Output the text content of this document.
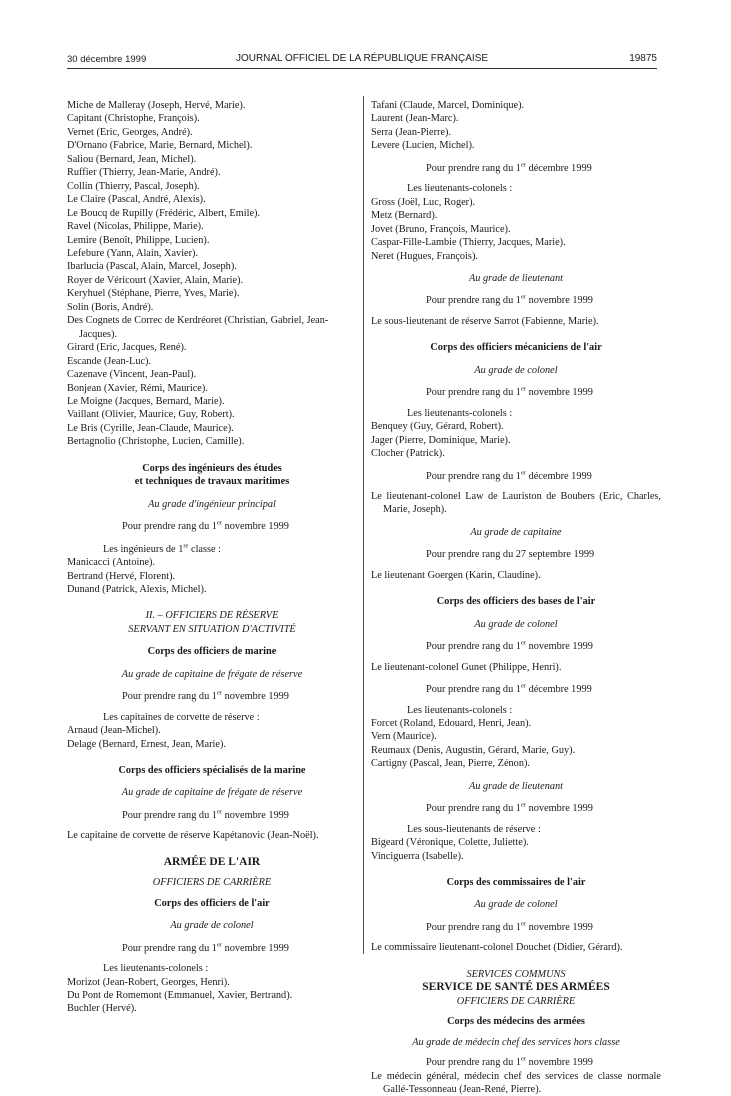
30 décembre 1999	JOURNAL OFFICIEL DE LA RÉPUBLIQUE FRANÇAISE	19875

Miche de Malleray (Joseph, Hervé, Marie).

Capitant (Christophe, François).

Vernet (Eric, Georges, André).

D'Ornano (Fabrice, Marie, Bernard, Michel).

Saliou (Bernard, Jean, Michel).

Ruffier (Thierry, Jean-Marie, André).

Collin (Thierry, Pascal, Joseph).

Le Claire (Pascal, André, Alexis).

Le Boucq de Rupilly (Frédéric, Albert, Emile).

Ravel (Nicolas, Philippe, Marie).

Lemire (Benoît, Philippe, Lucien).

Lefebure (Yann, Alain, Xavier).

Ibarlucia (Pascal, Alain, Marcel, Joseph).

Royer de Véricourt (Xavier, Alain, Marie).

Keryhuel (Stéphane, Pierre, Yves, Marie).

Solin (Boris, André).

Des Cognets de Correc de Kerdréoret (Christian, Gabriel, Jean-Jacques).

Girard (Eric, Jacques, René).

Escande (Jean-Luc).

Cazenave (Vincent, Jean-Paul).

Bonjean (Xavier, Rémi, Maurice).

Le Moigne (Jacques, Bernard, Marie).

Vaillant (Olivier, Maurice, Guy, Robert).

Le Bris (Cyrille, Jean-Claude, Maurice).

Bertagnolio (Christophe, Lucien, Camille).

Corps des ingénieurs des études

et techniques de travaux maritimes

Au grade d'ingénieur principal

Pour prendre rang du 1er novembre 1999

Les ingénieurs de 1re classe :

Manicacci (Antoine).

Bertrand (Hervé, Florent).

Dunand (Patrick, Alexis, Michel).

II. – OFFICIERS DE RÉSERVE

SERVANT EN SITUATION D'ACTIVITÉ

Corps des officiers de marine

Au grade de capitaine de frégate de réserve

Pour prendre rang du 1er novembre 1999

Les capitaines de corvette de réserve :

Arnaud (Jean-Michel).

Delage (Bernard, Ernest, Jean, Marie).

Corps des officiers spécialisés de la marine

Au grade de capitaine de frégate de réserve

Pour prendre rang du 1er novembre 1999

Le capitaine de corvette de réserve Kapétanovic (Jean-Noël).

ARMÉE DE L'AIR

OFFICIERS DE CARRIÈRE

Corps des officiers de l'air

Au grade de colonel

Pour prendre rang du 1er novembre 1999

Les lieutenants-colonels :

Morizot (Jean-Robert, Georges, Henri).

Du Pont de Romemont (Emmanuel, Xavier, Bertrand).

Buchler (Hervé).

Tafani (Claude, Marcel, Dominique).

Laurent (Jean-Marc).

Serra (Jean-Pierre).

Levere (Lucien, Michel).

Pour prendre rang du 1er décembre 1999

Les lieutenants-colonels :

Gross (Joël, Luc, Roger).

Metz (Bernard).

Jovet (Bruno, François, Maurice).

Caspar-Fille-Lambie (Thierry, Jacques, Marie).

Neret (Hugues, François).

Au grade de lieutenant

Pour prendre rang du 1er novembre 1999

Le sous-lieutenant de réserve Sarrot (Fabienne, Marie).

Corps des officiers mécaniciens de l'air

Au grade de colonel

Pour prendre rang du 1er novembre 1999

Les lieutenants-colonels :

Benquey (Guy, Gérard, Robert).

Jager (Pierre, Dominique, Marie).

Clocher (Patrick).

Pour prendre rang du 1er décembre 1999

Le lieutenant-colonel Law de Lauriston de Boubers (Eric, Charles, Marie, Joseph).

Au grade de capitaine

Pour prendre rang du 27 septembre 1999

Le lieutenant Goergen (Karin, Claudine).

Corps des officiers des bases de l'air

Au grade de colonel

Pour prendre rang du 1er novembre 1999

Le lieutenant-colonel Gunet (Philippe, Henri).

Pour prendre rang du 1er décembre 1999

Les lieutenants-colonels :

Forcet (Roland, Edouard, Henri, Jean).

Vern (Maurice).

Reumaux (Denis, Augustin, Gérard, Marie, Guy).

Cartigny (Pascal, Jean, Pierre, Zénon).

Au grade de lieutenant

Pour prendre rang du 1er novembre 1999

Les sous-lieutenants de réserve :

Bigeard (Véronique, Colette, Juliette).

Vinciguerra (Isabelle).

Corps des commissaires de l'air

Au grade de colonel

Pour prendre rang du 1er novembre 1999

Le commissaire lieutenant-colonel Douchet (Didier, Gérard).

SERVICES COMMUNS

SERVICE DE SANTÉ DES ARMÉES

OFFICIERS DE CARRIÈRE

Corps des médecins des armées

Au grade de médecin chef des services hors classe

Pour prendre rang du 1er novembre 1999

Le médecin général, médecin chef des services de classe normale Gallé-Tessonneau (Jean-René, Pierre).
